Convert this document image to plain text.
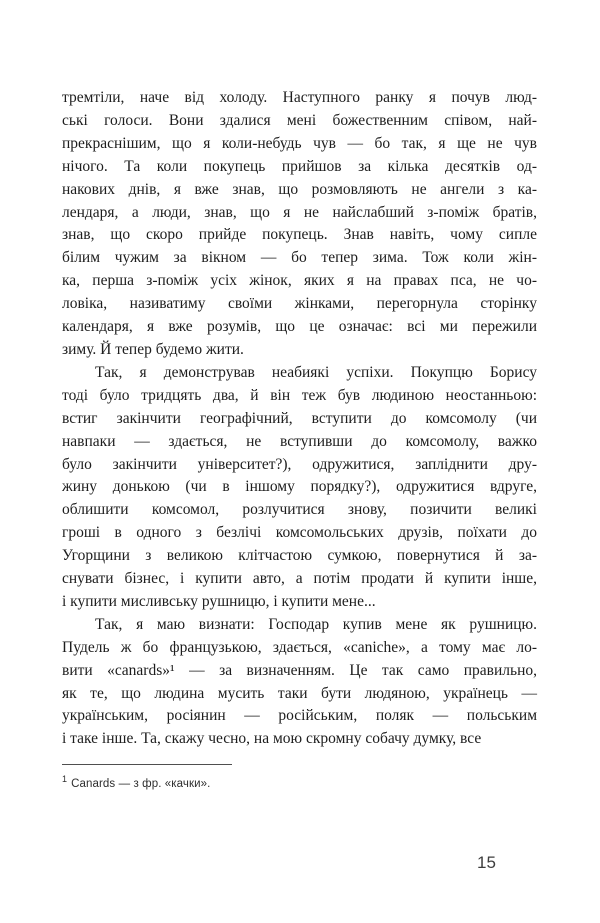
тремтіли, наче від холоду. Наступного ранку я почув люд-
ські голоси. Вони здалися мені божественним співом, най-
прекраснішим, що я коли-небудь чув — бо так, я ще не чув
нічого. Та коли покупець прийшов за кілька десятків од-
накових днів, я вже знав, що розмовляють не ангели з ка-
лендаря, а люди, знав, що я не найслабший з-поміж братів,
знав, що скоро прийде покупець. Знав навіть, чому сипле
білим чужим за вікном — бо тепер зима. Тож коли жін-
ка, перша з-поміж усіх жінок, яких я на правах пса, не чо-
ловіка, називатиму своїми жінками, перегорнула сторінку
календаря, я вже розумів, що це означає: всі ми пережили
зиму. Й тепер будемо жити.
Так, я демонстрував неабиякі успіхи. Покупцю Борису
тоді було тридцять два, й він теж був людиною неостанньою:
встиг закінчити географічний, вступити до комсомолу (чи
навпаки — здається, не вступивши до комсомолу, важко
було закінчити університет?), одружитися, запліднити дру-
жину донькою (чи в іншому порядку?), одружитися вдруге,
облишити комсомол, розлучитися знову, позичити великі
гроші в одного з безлічі комсомольських друзів, поїхати до
Угорщини з великою клітчастою сумкою, повернутися й за-
снувати бізнес, і купити авто, а потім продати й купити інше,
і купити мисливську рушницю, і купити мене...
Так, я маю визнати: Господар купив мене як рушницю.
Пудель ж бо французькою, здається, «caniche», а тому має ло-
вити «canards»¹ — за визначенням. Це так само правильно,
як те, що людина мусить таки бути людяною, українець —
українським, росіянин — російським, поляк — польським
і таке інше. Та, скажу чесно, на мою скромну собачу думку, все
1 Canards — з фр. «качки».
15
